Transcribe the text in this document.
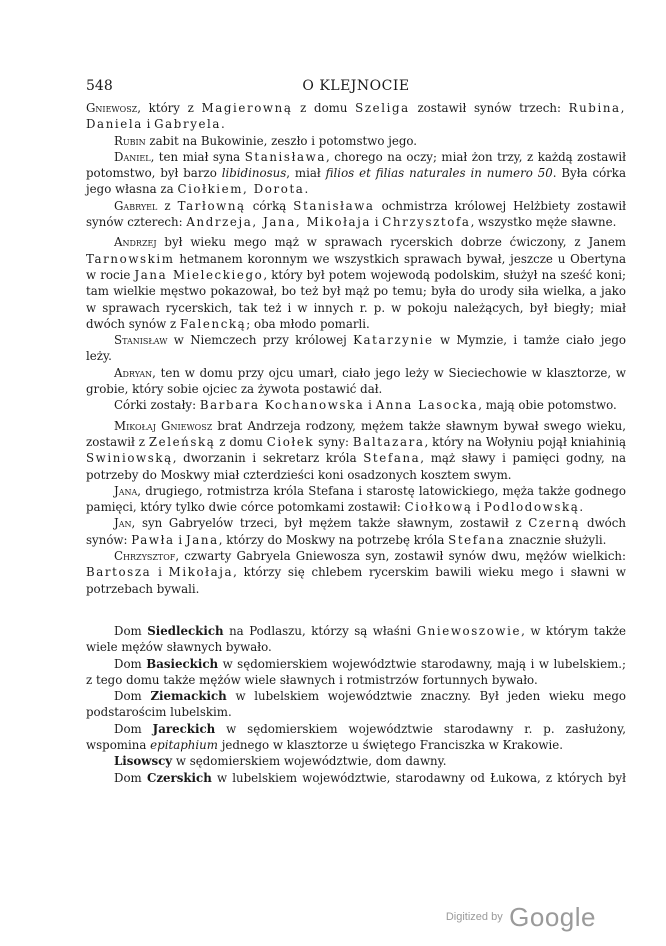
548	O KLEJNOCIE

Gniewosz, który z Magierowną z domu Szeliga zostawił synów trzech: Rubina, Daniela i Gabryela.

Rubin zabit na Bukowinie, zeszło i potomstwo jego.

Daniel, ten miał syna Stanisława, chorego na oczy; miał żon trzy, z każdą zostawił potomstwo, był barzo libidinosus, miał filios et filias naturales in numero 50. Była córka jego własna za Ciołkiem, Dorota.

Gabryel z Tarłowną córką Stanisława ochmistrza królowej Helżbiety zostawił synów czterech: Andrzeja, Jana, Mikołaja i Chrzysztofa, wszystko męże sławne.

Andrzej był wieku mego mąż w sprawach rycerskich dobrze ćwiczony, z Janem Tarnowskim hetmanem koronnym we wszystkich sprawach bywał, jeszcze u Obertyna w rocie Jana Mieleckiego, który był potem wojewodą podolskim, służył na sześć koni; tam wielkie męstwo pokazował, bo też był mąż po temu; była do urody siła wielka, a jako w sprawach rycerskich, tak też i w innych r. p. w pokoju należących, był biegły; miał dwóch synów z Falencką; oba młodo pomarli.

Stanisław w Niemczech przy królowej Katarzynie w Mymzie, i tamże ciało jego leży.

Adryan, ten w domu przy ojcu umarł, ciało jego leży w Sieciechowie w klasztorze, w grobie, który sobie ojciec za żywota postawić dał.

Córki zostały: Barbara Kochanowska i Anna Lasocka, mają obie potomstwo.

Mikołaj Gniewosz brat Andrzeja rodzony, mężem także sławnym bywał swego wieku, zostawił z Zeleńską z domu Ciołek syny: Baltazara, który na Wołyniu pojął kniahinią Swiniowską, dworzanin i sekretarz króla Stefana, mąż sławy i pamięci godny, na potrzeby do Moskwy miał czterdzieści koni osadzonych kosztem swym.

Jana, drugiego, rotmistrza króla Stefana i starostę latowickiego, męża także godnego pamięci, który tylko dwie córce potomkami zostawił: Ciołkową i Podlodowską.

Jan, syn Gabryelów trzeci, był mężem także sławnym, zostawił z Czerną dwóch synów: Pawła i Jana, którzy do Moskwy na potrzebę króla Stefana znacznie służyli.

Chrzysztof, czwarty Gabryela Gniewosza syn, zostawił synów dwu, mężów wielkich: Bartosza i Mikołaja, którzy się chlebem rycerskim bawili wieku mego i sławni w potrzebach bywali.

Dom Siedleckich na Podlaszu, którzy są właśni Gniewoszowie, w którym także wiele mężów sławnych bywało.

Dom Basieckich w sędomierskiem województwie starodawny, mają i w lubelskiem.; z tego domu także mężów wiele sławnych i rotmistrzów fortunnych bywało.

Dom Ziemackich w lubelskiem województwie znaczny. Był jeden wieku mego podstarościm lubelskim.

Dom Jareckich w sędomierskiem województwie starodawny r. p. zasłużony, wspomina epitaphium jednego w klasztorze u świętego Franciszka w Krakowie.

Lisowscy w sędomierskiem województwie, dom dawny.

Dom Czerskich w lubelskiem województwie, starodawny od Łukowa, z których był

$^{Digitized by}$ Google
